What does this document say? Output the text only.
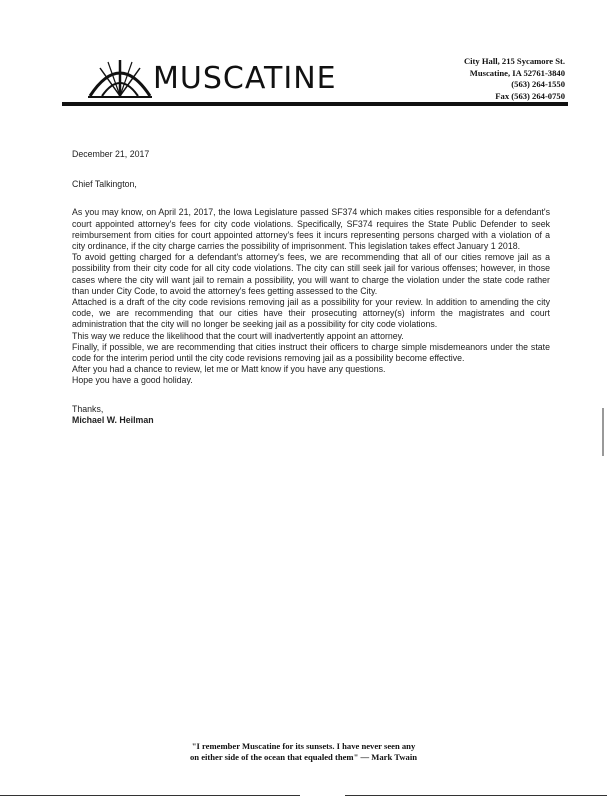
MUSCATINE	City Hall, 215 Sycamore St.
Muscatine, IA 52761-3840
(563) 264-1550
Fax (563) 264-0750

December 21, 2017

Chief Talkington,

As you may know, on April 21, 2017, the Iowa Legislature passed SF374 which makes cities responsible for a defendant's court appointed attorney's fees for city code violations. Specifically, SF374 requires the State Public Defender to seek reimbursement from cities for court appointed attorney's fees it incurs representing persons charged with a violation of a city ordinance, if the city charge carries the possibility of imprisonment. This legislation takes effect January 1 2018.

To avoid getting charged for a defendant's attorney's fees, we are recommending that all of our cities remove jail as a possibility from their city code for all city code violations. The city can still seek jail for various offenses; however, in those cases where the city will want jail to remain a possibility, you will want to charge the violation under the state code rather than under City Code, to avoid the attorney's fees getting assessed to the City.

Attached is a draft of the city code revisions removing jail as a possibility for your review. In addition to amending the city code, we are recommending that our cities have their prosecuting attorney(s) inform the magistrates and court administration that the city will no longer be seeking jail as a possibility for city code violations.

This way we reduce the likelihood that the court will inadvertently appoint an attorney.

Finally, if possible, we are recommending that cities instruct their officers to charge simple misdemeanors under the state code for the interim period until the city code revisions removing jail as a possibility become effective.

After you had a chance to review, let me or Matt know if you have any questions.

Hope you have a good holiday.

Thanks,

Michael W. Heilman

"I remember Muscatine for its sunsets. I have never seen any
on either side of the ocean that equaled them" — Mark Twain
